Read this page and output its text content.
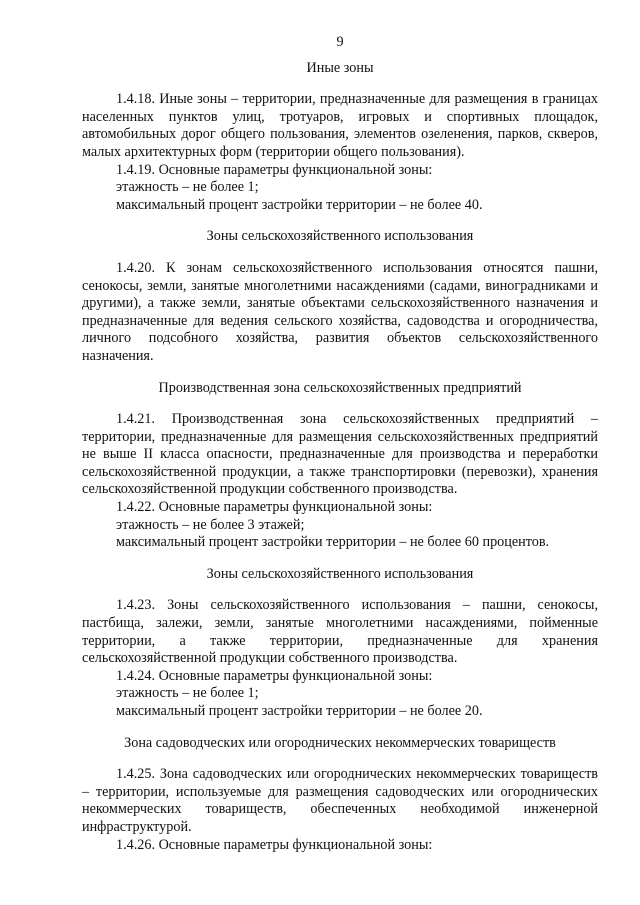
9

Иные зоны

1.4.18. Иные зоны – территории, предназначенные для размещения в границах населенных пунктов улиц, тротуаров, игровых и спортивных площадок, автомобильных дорог общего пользования, элементов озеленения, парков, скверов, малых архитектурных форм (территории общего пользования).

1.4.19. Основные параметры функциональной зоны:

этажность – не более 1;

максимальный процент застройки территории – не более 40.

Зоны сельскохозяйственного использования

1.4.20. К зонам сельскохозяйственного использования относятся пашни, сенокосы, земли, занятые многолетними насаждениями (садами, виноградниками и другими), а также земли, занятые объектами сельскохозяйственного назначения и предназначенные для ведения сельского хозяйства, садоводства и огородничества, личного подсобного хозяйства, развития объектов сельскохозяйственного назначения.

Производственная зона сельскохозяйственных предприятий

1.4.21. Производственная зона сельскохозяйственных предприятий – территории, предназначенные для размещения сельскохозяйственных предприятий не выше II класса опасности, предназначенные для производства и переработки сельскохозяйственной продукции, а также транспортировки (перевозки), хранения сельскохозяйственной продукции собственного производства.

1.4.22. Основные параметры функциональной зоны:

этажность – не более 3 этажей;

максимальный процент застройки территории – не более 60 процентов.

Зоны сельскохозяйственного использования

1.4.23. Зоны сельскохозяйственного использования – пашни, сенокосы, пастбища, залежи, земли, занятые многолетними насаждениями, пойменные территории, а также территории, предназначенные для хранения сельскохозяйственной продукции собственного производства.

1.4.24. Основные параметры функциональной зоны:

этажность – не более 1;

максимальный процент застройки территории – не более 20.

Зона садоводческих или огороднических некоммерческих товариществ

1.4.25. Зона садоводческих или огороднических некоммерческих товариществ – территории, используемые для размещения садоводческих или огороднических некоммерческих товариществ, обеспеченных необходимой инженерной инфраструктурой.

1.4.26. Основные параметры функциональной зоны:
